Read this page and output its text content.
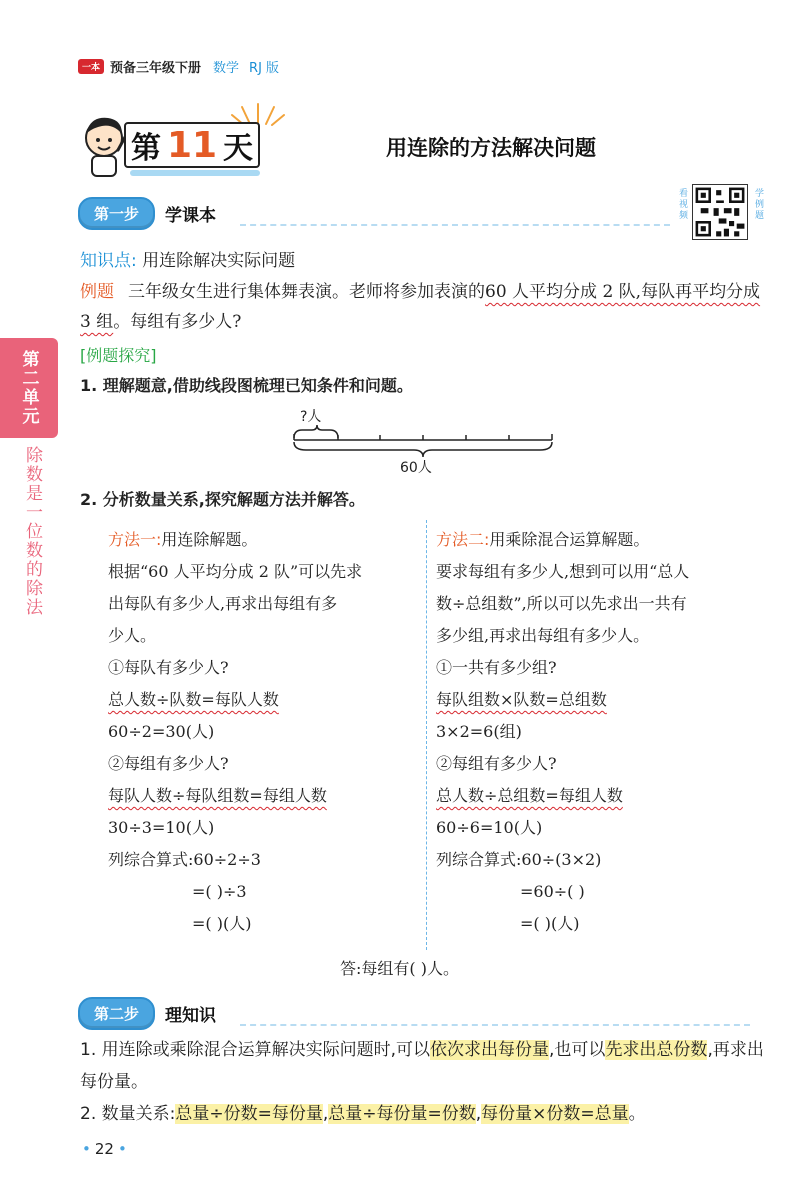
一本 预备三年级下册 数学 RJ 版
第 11 天	用连除的方法解决问题
第一步	学课本	看视频	学例题
知识点: 用连除解决实际问题
例题 三年级女生进行集体舞表演。老师将参加表演的60 人平均分成 2 队,每队再平均分成 3 组。每组有多少人?
[例题探究]
1. 理解题意,借助线段图梳理已知条件和问题。
?人
60人
2. 分析数量关系,探究解题方法并解答。
方法一:用连除解题。
根据“60 人平均分成 2 队”可以先求
出每队有多少人,再求出每组有多
少人。
①每队有多少人?
总人数÷队数=每队人数
60÷2=30(人)
②每组有多少人?
每队人数÷每队组数=每组人数
30÷3=10(人)
列综合算式:60÷2÷3
=( )÷3
=( )(人)
方法二:用乘除混合运算解题。
要求每组有多少人,想到可以用“总人
数÷总组数”,所以可以先求出一共有
多少组,再求出每组有多少人。
①一共有多少组?
每队组数×队数=总组数
3×2=6(组)
②每组有多少人?
总人数÷总组数=每组人数
60÷6=10(人)
列综合算式:60÷(3×2)
=60÷( )
=( )(人)
答:每组有( )人。
第二步	理知识
1. 用连除或乘除混合运算解决实际问题时,可以依次求出每份量,也可以先求出总份数,再求出每份量。
2. 数量关系:总量÷份数=每份量,总量÷每份量=份数,每份量×份数=总量。
• 22 •
第二单元
除数是一位数的除法
